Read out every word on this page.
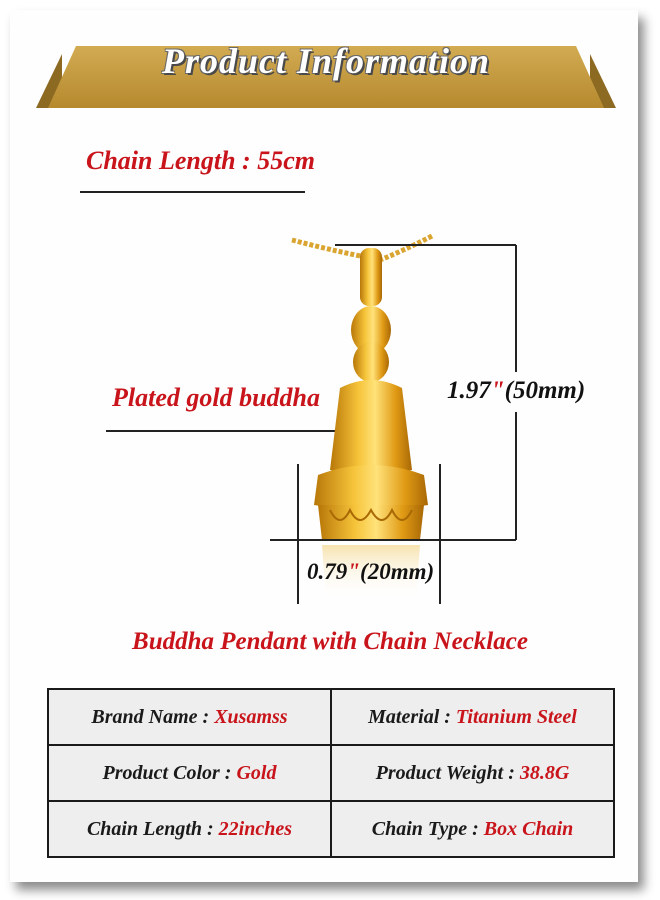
Product Information
Chain Length : 55cm
Plated gold buddha	1.97"(50mm)
0.79"(20mm)
Buddha Pendant with Chain Necklace
Brand Name : Xusamss	Material : Titanium Steel
Product Color : Gold	Product Weight : 38.8G
Chain Length : 22inches	Chain Type : Box Chain
